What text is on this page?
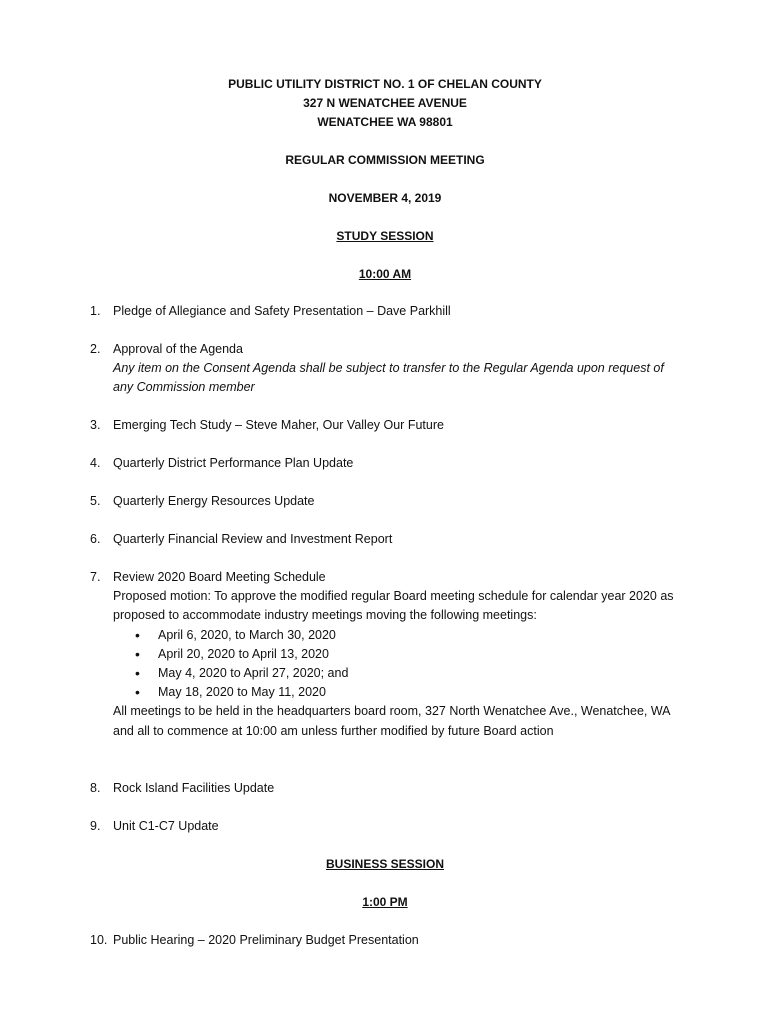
PUBLIC UTILITY DISTRICT NO. 1 OF CHELAN COUNTY
327 N WENATCHEE AVENUE
WENATCHEE WA 98801
REGULAR COMMISSION MEETING
NOVEMBER 4, 2019
STUDY SESSION
10:00 AM
1. Pledge of Allegiance and Safety Presentation – Dave Parkhill
2. Approval of the Agenda
Any item on the Consent Agenda shall be subject to transfer to the Regular Agenda upon request of any Commission member
3. Emerging Tech Study – Steve Maher, Our Valley Our Future
4. Quarterly District Performance Plan Update
5. Quarterly Energy Resources Update
6. Quarterly Financial Review and Investment Report
7. Review 2020 Board Meeting Schedule
Proposed motion: To approve the modified regular Board meeting schedule for calendar year 2020 as proposed to accommodate industry meetings moving the following meetings:
• April 6, 2020, to March 30, 2020
• April 20, 2020 to April 13, 2020
• May 4, 2020 to April 27, 2020; and
• May 18, 2020 to May 11, 2020
All meetings to be held in the headquarters board room, 327 North Wenatchee Ave., Wenatchee, WA and all to commence at 10:00 am unless further modified by future Board action
8. Rock Island Facilities Update
9. Unit C1-C7 Update
BUSINESS SESSION
1:00 PM
10. Public Hearing – 2020 Preliminary Budget Presentation
